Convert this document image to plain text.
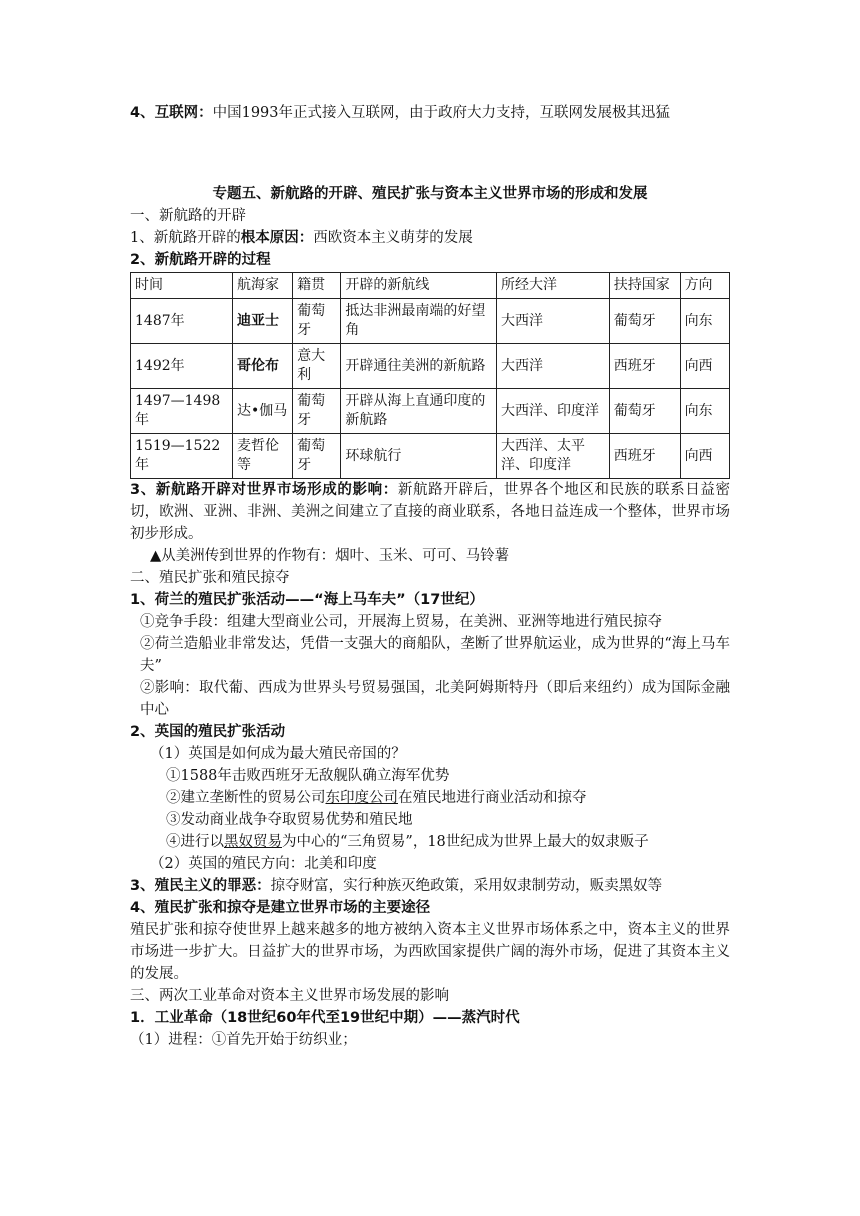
4、互联网：中国1993年正式接入互联网，由于政府大力支持，互联网发展极其迅猛

专题五、新航路的开辟、殖民扩张与资本主义世界市场的形成和发展

一、新航路的开辟

1、新航路开辟的根本原因：西欧资本主义萌芽的发展

2、新航路开辟的过程

时间	航海家	籍贯	开辟的新航线	所经大洋	扶持国家	方向
1487年	迪亚士	葡萄牙	抵达非洲最南端的好望角	大西洋	葡萄牙	向东
1492年	哥伦布	意大利	开辟通往美洲的新航路	大西洋	西班牙	向西
1497—1498年	达•伽马	葡萄牙	开辟从海上直通印度的新航路	大西洋、印度洋	葡萄牙	向东
1519—1522年	麦哲伦等	葡萄牙	环球航行	大西洋、太平洋、印度洋	西班牙	向西

3、新航路开辟对世界市场形成的影响：新航路开辟后，世界各个地区和民族的联系日益密切，欧洲、亚洲、非洲、美洲之间建立了直接的商业联系，各地日益连成一个整体，世界市场初步形成。

▲从美洲传到世界的作物有：烟叶、玉米、可可、马铃薯

二、殖民扩张和殖民掠夺

1、荷兰的殖民扩张活动——“海上马车夫”（17世纪）

①竞争手段：组建大型商业公司，开展海上贸易，在美洲、亚洲等地进行殖民掠夺

②荷兰造船业非常发达，凭借一支强大的商船队，垄断了世界航运业，成为世界的“海上马车夫”

②影响：取代葡、西成为世界头号贸易强国，北美阿姆斯特丹（即后来纽约）成为国际金融中心

2、英国的殖民扩张活动

（1）英国是如何成为最大殖民帝国的？

①1588年击败西班牙无敌舰队确立海军优势

②建立垄断性的贸易公司东印度公司在殖民地进行商业活动和掠夺

③发动商业战争夺取贸易优势和殖民地

④进行以黑奴贸易为中心的“三角贸易”，18世纪成为世界上最大的奴隶贩子

（2）英国的殖民方向：北美和印度

3、殖民主义的罪恶：掠夺财富，实行种族灭绝政策，采用奴隶制劳动，贩卖黑奴等

4、殖民扩张和掠夺是建立世界市场的主要途径

殖民扩张和掠夺使世界上越来越多的地方被纳入资本主义世界市场体系之中，资本主义的世界市场进一步扩大。日益扩大的世界市场，为西欧国家提供广阔的海外市场，促进了其资本主义的发展。

三、两次工业革命对资本主义世界市场发展的影响

1．工业革命（18世纪60年代至19世纪中期）——蒸汽时代

（1）进程：①首先开始于纺织业；
